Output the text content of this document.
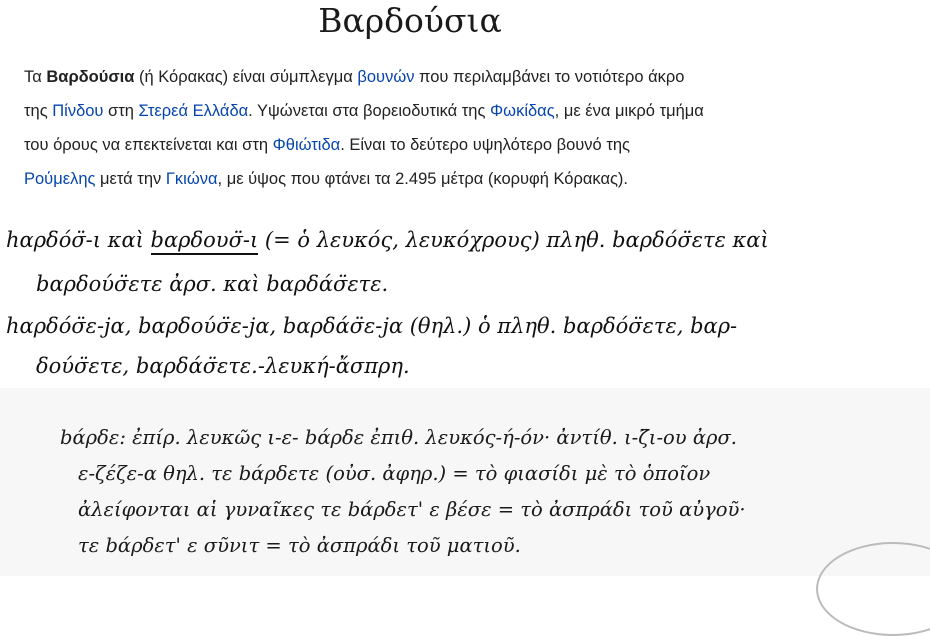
Βαρδούσια
Τα Βαρδούσια (ή Κόρακας) είναι σύμπλεγμα βουνών που περιλαμβάνει το νοτιότερο άκρο
της Πίνδου στη Στερεά Ελλάδα. Υψώνεται στα βορειοδυτικά της Φωκίδας, με ένα μικρό τμήμα
του όρους να επεκτείνεται και στη Φθιώτιδα. Είναι το δεύτερο υψηλότερο βουνό της
Ρούμελης μετά την Γκιώνα, με ύψος που φτάνει τα 2.495 μέτρα (κορυφή Κόρακας).
hαρδόσ̈-ι καὶ bαρδουσ̈-ι (= ὁ λευκός, λευκόχρους) πληθ. bαρδόσ̈ετε καὶ
bαρδούσ̈ετε ἀρσ. καὶ bαρδάσ̈ετε.
hαρδόσ̈ε-jα, bαρδούσ̈ε-jα, bαρδάσ̈ε-jα (θηλ.) ὁ πληθ. bαρδόσ̈ετε, bαρ-
δούσ̈ετε, bαρδάσ̈ετε.-λευκή-ἄσπρη.
bάρδε: ἐπίρ. λευκῶς ι-ε- bάρδε ἐπιθ. λευκός-ή-όν· ἀντίθ. ι-ζ̈ι-ου ἀρσ.
ε-ζέζε-α θηλ. τε bάρδετε (οὐσ. ἀφηρ.) = τὸ φιασίδι μὲ τὸ ὁποῖον
ἀλείφονται αἱ γυναῖκες τε bάρδετ' ε βέσε = τὸ ἀσπράδι τοῦ αὐγοῦ·
τε bάρδετ' ε σῦνιτ = τὸ ἀσπράδι τοῦ ματιοῦ.
